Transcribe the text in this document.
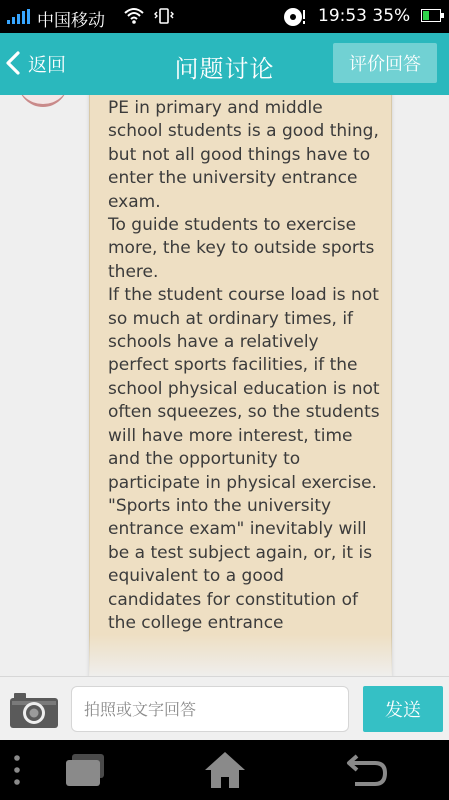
中国移动	19:53 35%
返回	问题讨论	评价回答

PE in primary and middle school students is a good thing, but not all good things have to enter the university entrance exam.
To guide students to exercise more, the key to outside sports there.
If the student course load is not so much at ordinary times, if schools have a relatively perfect sports facilities, if the school physical education is not often squeezes, so the students will have more interest, time and the opportunity to participate in physical exercise.
"Sports into the university entrance exam" inevitably will be a test subject again, or, it is equivalent to a good candidates for constitution of the college entrance

拍照或文字回答
发送
